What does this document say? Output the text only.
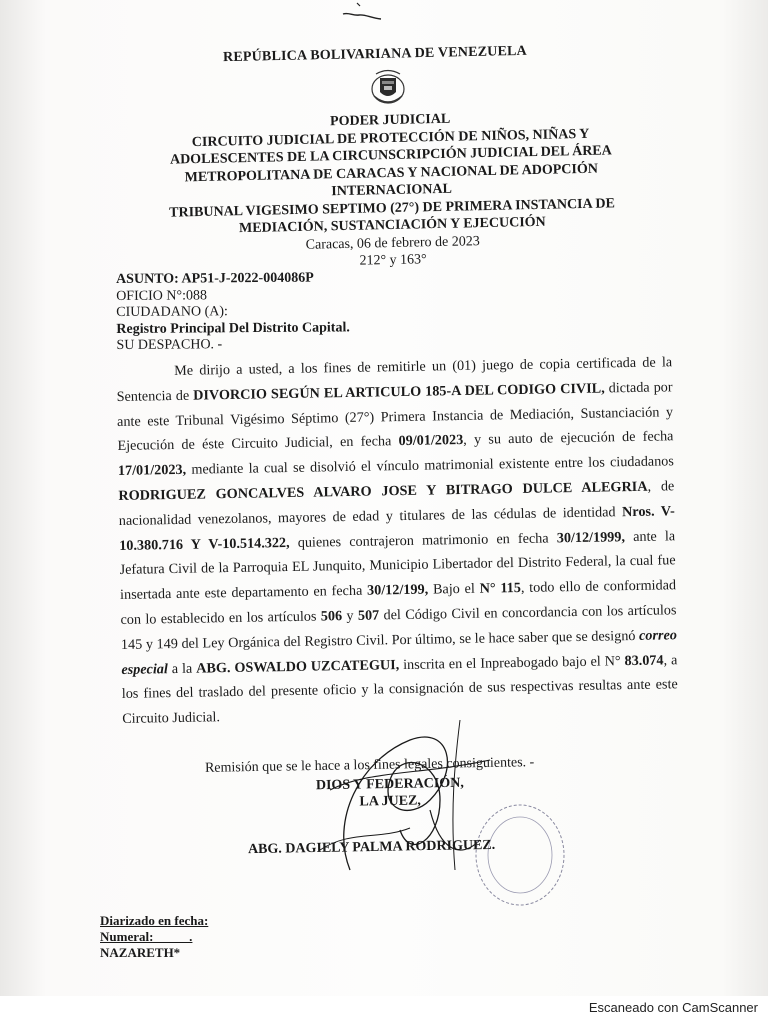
REPÚBLICA BOLIVARIANA DE VENEZUELA
PODER JUDICIAL
CIRCUITO JUDICIAL DE PROTECCIÓN DE NIÑOS, NIÑAS Y
ADOLESCENTES DE LA CIRCUNSCRIPCIÓN JUDICIAL DEL ÁREA
METROPOLITANA DE CARACAS Y NACIONAL DE ADOPCIÓN
INTERNACIONAL
TRIBUNAL VIGESIMO SEPTIMO (27°) DE PRIMERA INSTANCIA DE
MEDIACIÓN, SUSTANCIACIÓN Y EJECUCIÓN
Caracas, 06 de febrero de 2023
212° y 163°
ASUNTO: AP51-J-2022-004086P
OFICIO N°:088
CIUDADANO (A):
Registro Principal Del Distrito Capital.
SU DESPACHO. -

Me dirijo a usted, a los fines de remitirle un (01) juego de copia certificada de la Sentencia de DIVORCIO SEGÚN EL ARTICULO 185-A DEL CODIGO CIVIL, dictada por ante este Tribunal Vigésimo Séptimo (27°) Primera Instancia de Mediación, Sustanciación y Ejecución de éste Circuito Judicial, en fecha 09/01/2023, y su auto de ejecución de fecha 17/01/2023, mediante la cual se disolvió el vínculo matrimonial existente entre los ciudadanos RODRIGUEZ GONCALVES ALVARO JOSE Y BITRAGO DULCE ALEGRIA, de nacionalidad venezolanos, mayores de edad y titulares de las cédulas de identidad Nros. V-10.380.716 Y V-10.514.322, quienes contrajeron matrimonio en fecha 30/12/1999, ante la Jefatura Civil de la Parroquia EL Junquito, Municipio Libertador del Distrito Federal, la cual fue insertada ante este departamento en fecha 30/12/199, Bajo el N° 115, todo ello de conformidad con lo establecido en los artículos 506 y 507 del Código Civil en concordancia con los artículos 145 y 149 del Ley Orgánica del Registro Civil. Por último, se le hace saber que se designó correo especial a la ABG. OSWALDO UZCATEGUI, inscrita en el Inpreabogado bajo el N° 83.074, a los fines del traslado del presente oficio y la consignación de sus respectivas resultas ante este Circuito Judicial.

Remisión que se le hace a los fines legales consiguientes. -
DIOS Y FEDERACIÓN,
LA JUEZ,
ABG. DAGIELY PALMA RODRIGUEZ.
Diarizado en fecha:
Numeral: _____.
NAZARETH*
Escaneado con CamScanner
